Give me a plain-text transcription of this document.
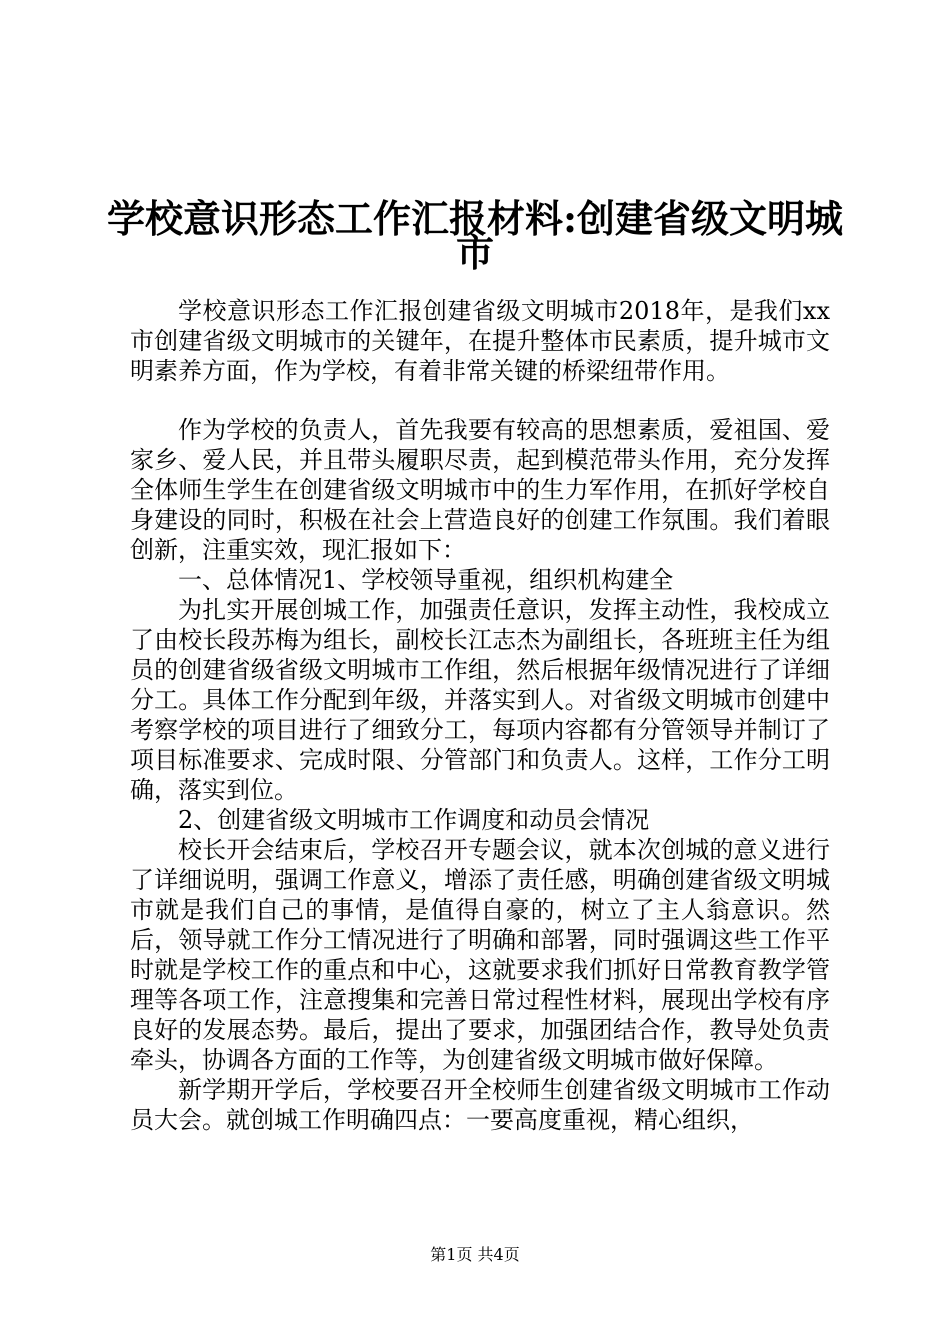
学校意识形态工作汇报材料:创建省级文明城
市

学校意识形态工作汇报创建省级文明城市2018年，是我们xx市创建省级文明城市的关键年，在提升整体市民素质，提升城市文明素养方面，作为学校，有着非常关键的桥梁纽带作用。

作为学校的负责人，首先我要有较高的思想素质，爱祖国、爱家乡、爱人民，并且带头履职尽责，起到模范带头作用，充分发挥全体师生学生在创建省级文明城市中的生力军作用，在抓好学校自身建设的同时，积极在社会上营造良好的创建工作氛围。我们着眼创新，注重实效，现汇报如下：

一、总体情况1、学校领导重视，组织机构建全

为扎实开展创城工作，加强责任意识，发挥主动性，我校成立了由校长段苏梅为组长，副校长江志杰为副组长，各班班主任为组员的创建省级省级文明城市工作组，然后根据年级情况进行了详细分工。具体工作分配到年级，并落实到人。对省级文明城市创建中考察学校的项目进行了细致分工，每项内容都有分管领导并制订了项目标准要求、完成时限、分管部门和负责人。这样，工作分工明确，落实到位。

2、创建省级文明城市工作调度和动员会情况

校长开会结束后，学校召开专题会议，就本次创城的意义进行了详细说明，强调工作意义，增添了责任感，明确创建省级文明城市就是我们自己的事情，是值得自豪的，树立了主人翁意识。然后，领导就工作分工情况进行了明确和部署，同时强调这些工作平时就是学校工作的重点和中心，这就要求我们抓好日常教育教学管理等各项工作，注意搜集和完善日常过程性材料，展现出学校有序良好的发展态势。最后，提出了要求，加强团结合作，教导处负责牵头，协调各方面的工作等，为创建省级文明城市做好保障。

新学期开学后，学校要召开全校师生创建省级文明城市工作动员大会。就创城工作明确四点：一要高度重视，精心组织，

第1页 共4页
